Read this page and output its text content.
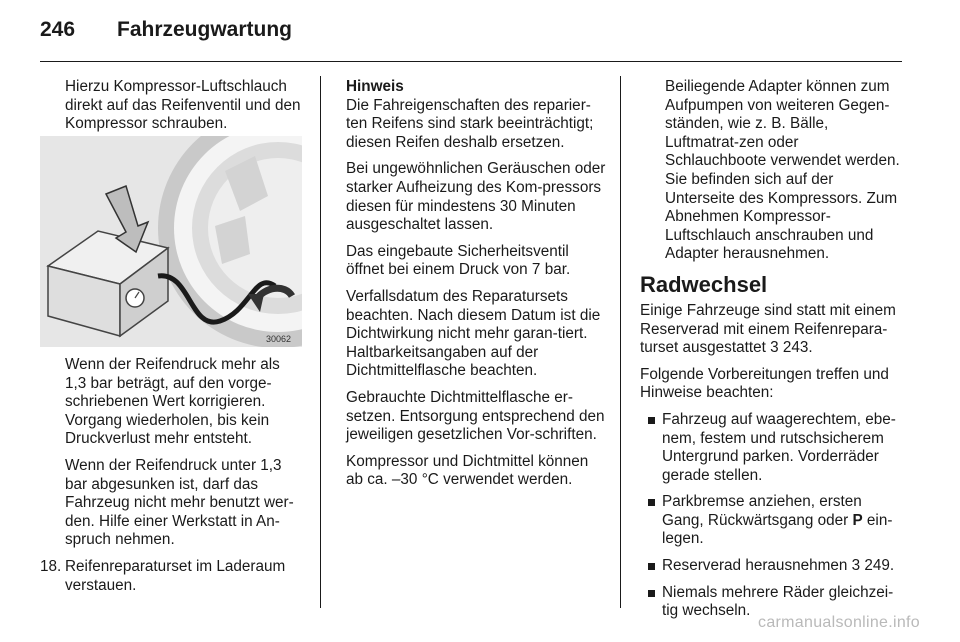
246 Fahrzeugwartung

Hierzu Kompressor-Luftschlauch direkt auf das Reifenventil und den Kompressor schrauben.

30062

Wenn der Reifendruck mehr als 1,3 bar beträgt, auf den vorge-schriebenen Wert korrigieren. Vorgang wiederholen, bis kein Druckverlust mehr entsteht.

Wenn der Reifendruck unter 1,3 bar abgesunken ist, darf das Fahrzeug nicht mehr benutzt wer-den. Hilfe einer Werkstatt in An-spruch nehmen.

18. Reifenreparaturset im Laderaum verstauen.
Hinweis

Die Fahreigenschaften des reparier-ten Reifens sind stark beeinträchtigt; diesen Reifen deshalb ersetzen.

Bei ungewöhnlichen Geräuschen oder starker Aufheizung des Kom-pressors diesen für mindestens 30 Minuten ausgeschaltet lassen.

Das eingebaute Sicherheitsventil öffnet bei einem Druck von 7 bar.

Verfallsdatum des Reparatursets beachten. Nach diesem Datum ist die Dichtwirkung nicht mehr garan-tiert. Haltbarkeitsangaben auf der Dichtmittelflasche beachten.

Gebrauchte Dichtmittelflasche er-setzen. Entsorgung entsprechend den jeweiligen gesetzlichen Vor-schriften.

Kompressor und Dichtmittel können ab ca. –30 °C verwendet werden.

Beiliegende Adapter können zum Aufpumpen von weiteren Gegen-ständen, wie z. B. Bälle, Luftmatrat-zen oder Schlauchboote verwendet werden. Sie befinden sich auf der Unterseite des Kompressors. Zum Abnehmen Kompressor-Luftschlauch anschrauben und Adapter herausnehmen.

Radwechsel

Einige Fahrzeuge sind statt mit einem Reserverad mit einem Reifenrepara-turset ausgestattet 3 243.

Folgende Vorbereitungen treffen und Hinweise beachten:

Fahrzeug auf waagerechtem, ebe-nem, festem und rutschsicherem Untergrund parken. Vorderräder gerade stellen.
Parkbremse anziehen, ersten Gang, Rückwärtsgang oder P ein-legen.
Reserverad herausnehmen 3 249.
Niemals mehrere Räder gleichzei-tig wechseln.
carmanualsonline.info
